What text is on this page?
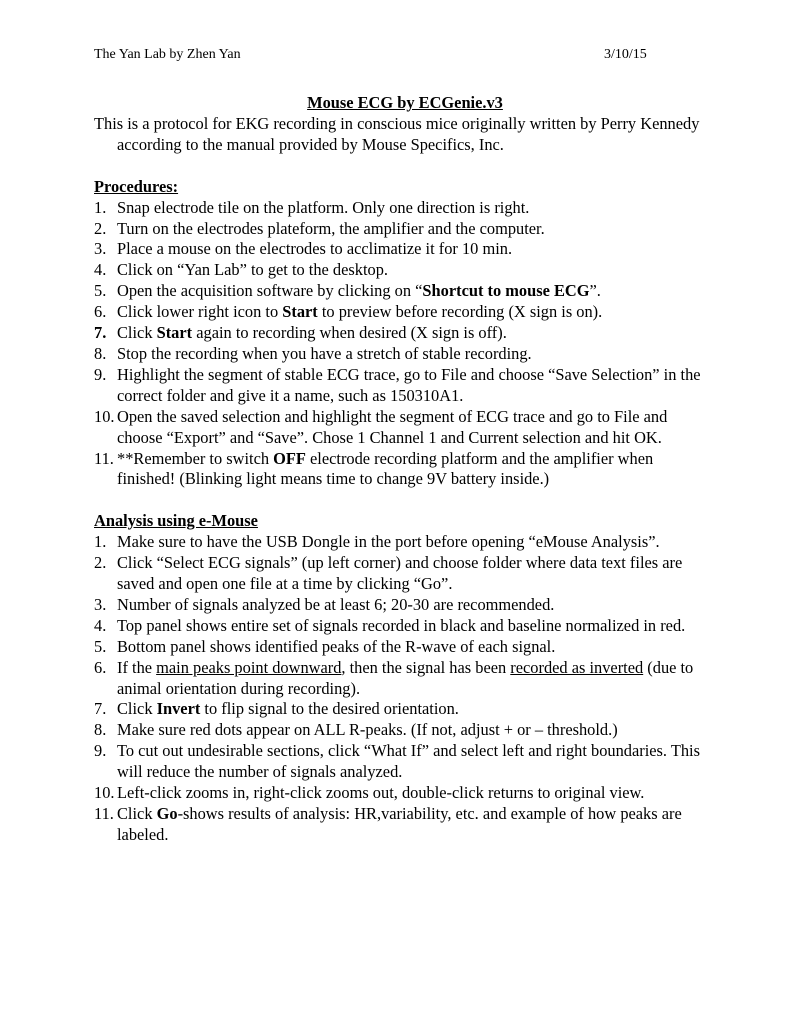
The Yan Lab by Zhen Yan	3/10/15
Mouse ECG by ECGenie.v3
This is a protocol for EKG recording in conscious mice originally written by Perry Kennedy according to the manual provided by Mouse Specifics, Inc.
Procedures:
1. Snap electrode tile on the platform. Only one direction is right.
2. Turn on the electrodes plateform, the amplifier and the computer.
3. Place a mouse on the electrodes to acclimatize it for 10 min.
4. Click on “Yan Lab” to get to the desktop.
5. Open the acquisition software by clicking on “Shortcut to mouse ECG”.
6. Click lower right icon to Start to preview before recording (X sign is on).
7. Click Start again to recording when desired (X sign is off).
8. Stop the recording when you have a stretch of stable recording.
9. Highlight the segment of stable ECG trace, go to File and choose “Save Selection” in the correct folder and give it a name, such as 150310A1.
10. Open the saved selection and highlight the segment of ECG trace and go to File and choose “Export” and “Save”. Chose 1 Channel 1 and Current selection and hit OK.
11. **Remember to switch OFF electrode recording platform and the amplifier when finished! (Blinking light means time to change 9V battery inside.)
Analysis using e-Mouse
1. Make sure to have the USB Dongle in the port before opening “eMouse Analysis”.
2. Click “Select ECG signals” (up left corner) and choose folder where data text files are saved and open one file at a time by clicking “Go”.
3. Number of signals analyzed be at least 6; 20-30 are recommended.
4. Top panel shows entire set of signals recorded in black and baseline normalized in red.
5. Bottom panel shows identified peaks of the R-wave of each signal.
6. If the main peaks point downward, then the signal has been recorded as inverted (due to animal orientation during recording).
7. Click Invert to flip signal to the desired orientation.
8. Make sure red dots appear on ALL R-peaks. (If not, adjust + or – threshold.)
9. To cut out undesirable sections, click “What If” and select left and right boundaries. This will reduce the number of signals analyzed.
10. Left-click zooms in, right-click zooms out, double-click returns to original view.
11. Click Go-shows results of analysis: HR,variability, etc. and example of how peaks are labeled.
